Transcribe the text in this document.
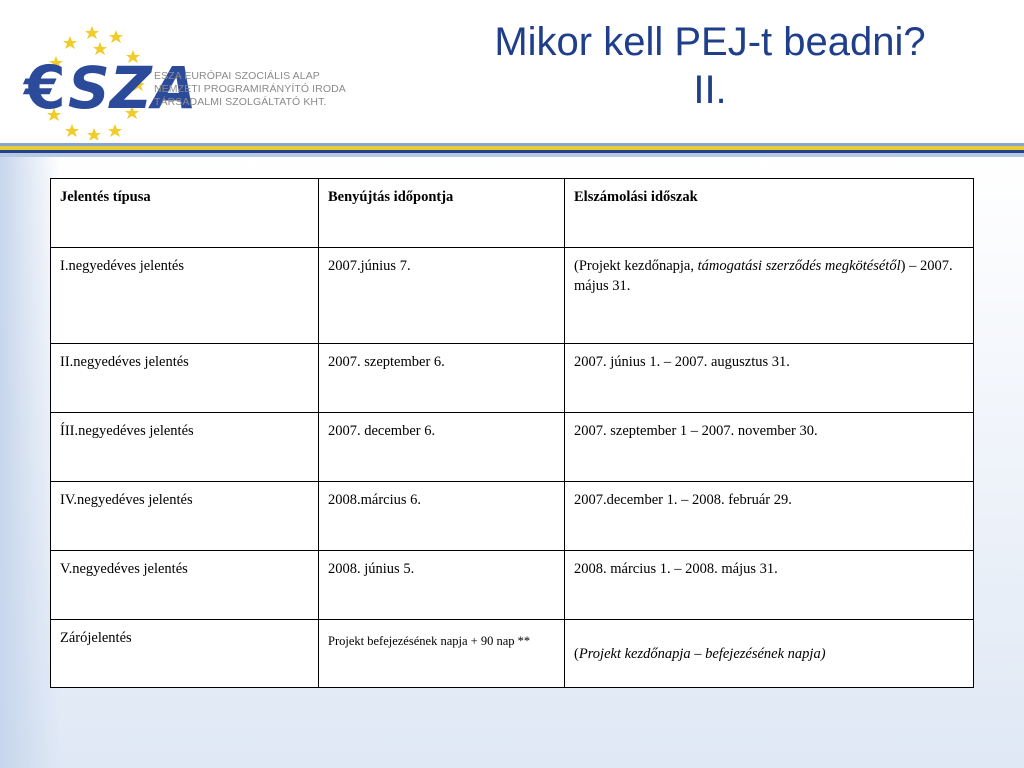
€ SZA
ESZA EURÓPAI SZOCIÁLIS ALAP
NEMZETI PROGRAMIRÁNYÍTÓ IRODA
TÁRSADALMI SZOLGÁLTATÓ KHT.
Mikor kell PEJ-t beadni?
II.
Jelentés típusa	Benyújtás időpontja	Elszámolási időszak
I.negyedéves jelentés	2007.június 7.	(Projekt kezdőnapja, támogatási szerződés megkötésétől) – 2007. május 31.
II.negyedéves jelentés	2007. szeptember 6.	2007. június 1. – 2007. augusztus 31.
ÍII.negyedéves jelentés	2007. december 6.	2007. szeptember 1 – 2007. november 30.
IV.negyedéves jelentés	2008.március 6.	2007.december 1. – 2008. február 29.
V.negyedéves jelentés	2008. június 5.	2008. március 1. – 2008. május 31.
Zárójelentés	Projekt befejezésének napja + 90 nap **	(Projekt kezdőnapja – befejezésének napja)
